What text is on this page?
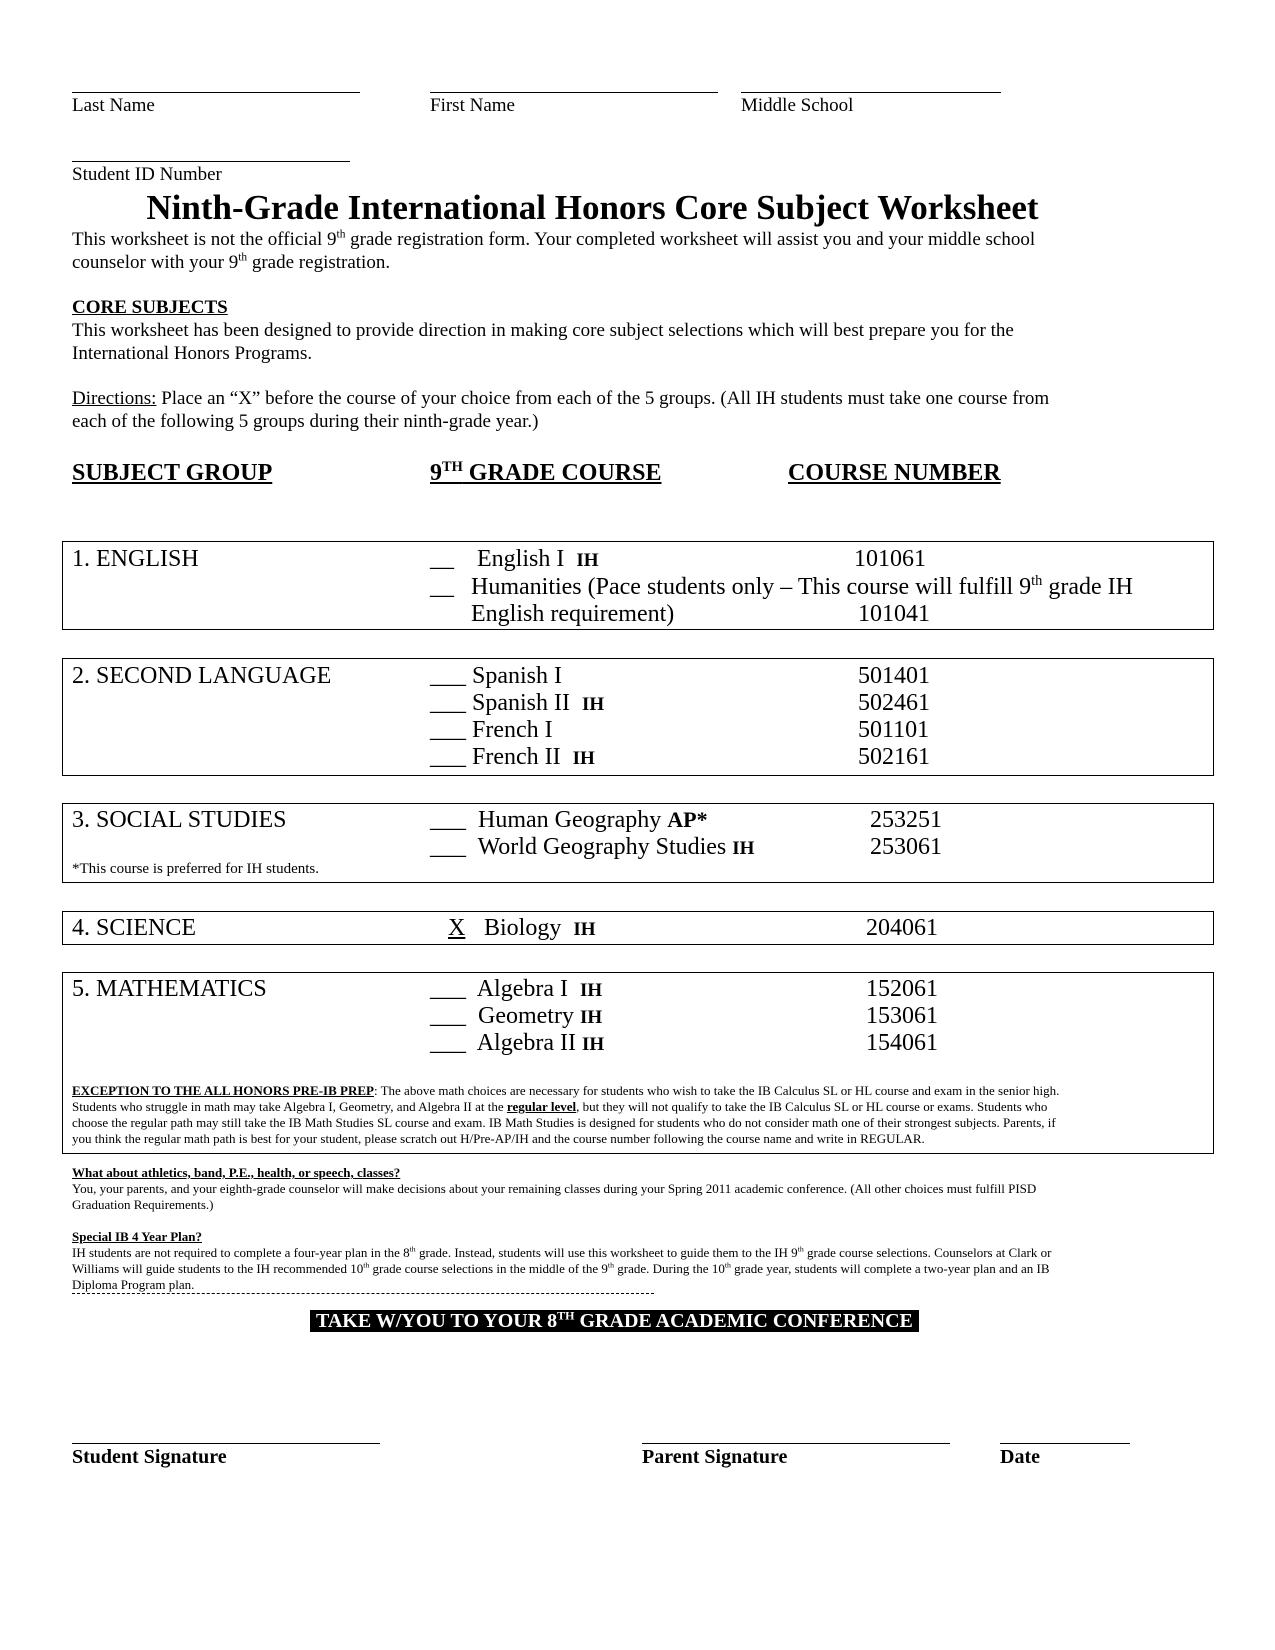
Last Name	First Name	Middle School
Student ID Number
Ninth-Grade International Honors Core Subject Worksheet
This worksheet is not the official 9th grade registration form. Your completed worksheet will assist you and your middle school
counselor with your 9th grade registration.
CORE SUBJECTS
This worksheet has been designed to provide direction in making core subject selections which will best prepare you for the
International Honors Programs.
Directions: Place an “X” before the course of your choice from each of the 5 groups. (All IH students must take one course from
each of the following 5 groups during their ninth-grade year.)
SUBJECT GROUP	9TH GRADE COURSE	COURSE NUMBER
1. ENGLISH	__ English I IH	101061
__ Humanities (Pace students only – This course will fulfill 9th grade IH
English requirement)	101041
2. SECOND LANGUAGE	___ Spanish I	501401
___ Spanish II IH	502461
___ French I	501101
___ French II IH	502161
3. SOCIAL STUDIES
*This course is preferred for IH students.
___ Human Geography AP*	253251
___ World Geography Studies IH	253061
4. SCIENCE	X Biology IH	204061
5. MATHEMATICS	___ Algebra I IH	152061
___ Geometry IH	153061
___ Algebra II IH	154061
EXCEPTION TO THE ALL HONORS PRE-IB PREP: The above math choices are necessary for students who wish to take the IB Calculus SL or HL course and exam in the senior high.
Students who struggle in math may take Algebra I, Geometry, and Algebra II at the regular level, but they will not qualify to take the IB Calculus SL or HL course or exams. Students who
choose the regular path may still take the IB Math Studies SL course and exam. IB Math Studies is designed for students who do not consider math one of their strongest subjects. Parents, if
you think the regular math path is best for your student, please scratch out H/Pre-AP/IH and the course number following the course name and write in REGULAR.
What about athletics, band, P.E., health, or speech, classes?
You, your parents, and your eighth-grade counselor will make decisions about your remaining classes during your Spring 2011 academic conference. (All other choices must fulfill PISD
Graduation Requirements.)
Special IB 4 Year Plan?
IH students are not required to complete a four-year plan in the 8th grade. Instead, students will use this worksheet to guide them to the IH 9th grade course selections. Counselors at Clark or
Williams will guide students to the IH recommended 10th grade course selections in the middle of the 9th grade. During the 10th grade year, students will complete a two-year plan and an IB
Diploma Program plan.
TAKE W/YOU TO YOUR 8TH GRADE ACADEMIC CONFERENCE
Student Signature	Parent Signature	Date
